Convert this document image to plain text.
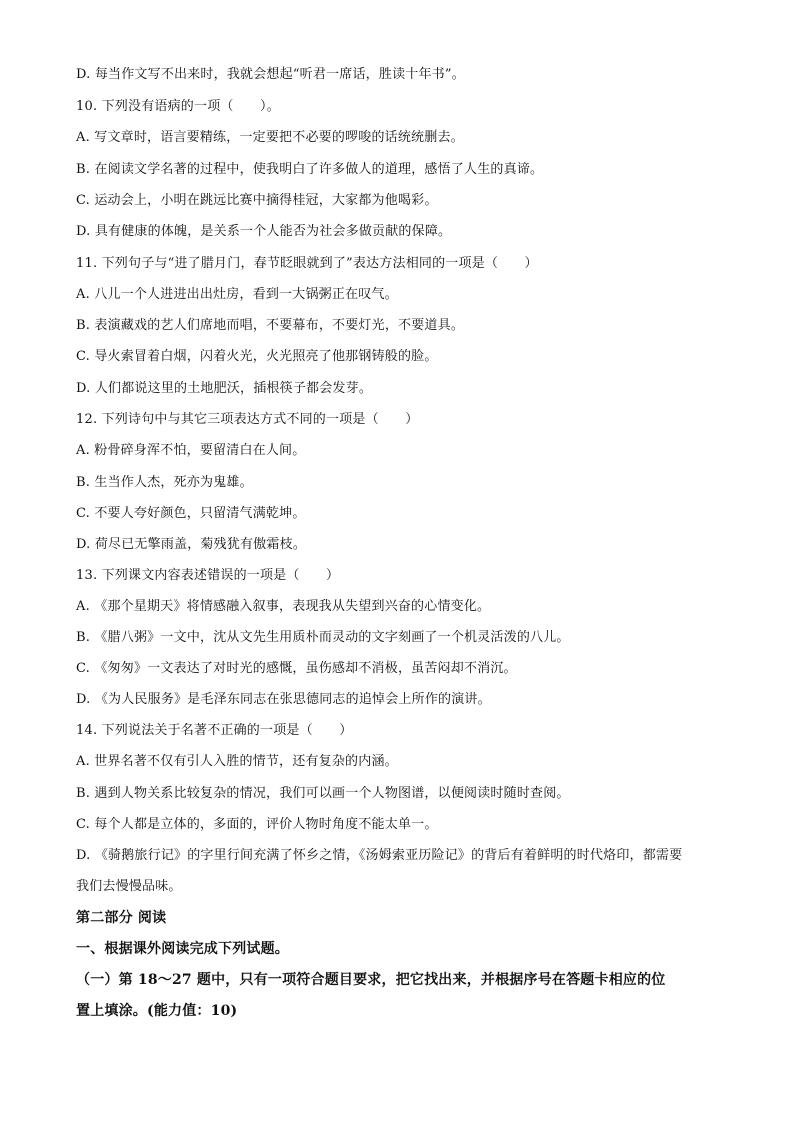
D. 每当作文写不出来时，我就会想起“听君一席话，胜读十年书”。
10. 下列没有语病的一项（　　）。
A. 写文章时，语言要精练，一定要把不必要的啰唆的话统统删去。
B. 在阅读文学名著的过程中，使我明白了许多做人的道理，感悟了人生的真谛。
C. 运动会上，小明在跳远比赛中摘得桂冠，大家都为他喝彩。
D. 具有健康的体魄，是关系一个人能否为社会多做贡献的保障。
11. 下列句子与“进了腊月门，春节眨眼就到了”表达方法相同的一项是（　　）
A. 八儿一个人进进出出灶房，看到一大锅粥正在叹气。
B. 表演藏戏的艺人们席地而唱，不要幕布，不要灯光，不要道具。
C. 导火索冒着白烟，闪着火光，火光照亮了他那钢铸般的脸。
D. 人们都说这里的土地肥沃，插根筷子都会发芽。
12. 下列诗句中与其它三项表达方式不同的一项是（　　）
A. 粉骨碎身浑不怕，要留清白在人间。
B. 生当作人杰，死亦为鬼雄。
C. 不要人夸好颜色，只留清气满乾坤。
D. 荷尽已无擎雨盖，菊残犹有傲霜枝。
13. 下列课文内容表述错误的一项是（　　）
A. 《那个星期天》将情感融入叙事，表现我从失望到兴奋的心情变化。
B. 《腊八粥》一文中，沈从文先生用质朴而灵动的文字刻画了一个机灵活泼的八儿。
C. 《匆匆》一文表达了对时光的感慨，虽伤感却不消极，虽苦闷却不消沉。
D. 《为人民服务》是毛泽东同志在张思德同志的追悼会上所作的演讲。
14. 下列说法关于名著不正确的一项是（　　）
A. 世界名著不仅有引人入胜的情节，还有复杂的内涵。
B. 遇到人物关系比较复杂的情况，我们可以画一个人物图谱，以便阅读时随时查阅。
C. 每个人都是立体的，多面的，评价人物时角度不能太单一。
D. 《骑鹅旅行记》的字里行间充满了怀乡之情，《汤姆索亚历险记》的背后有着鲜明的时代烙印，都需要
我们去慢慢品味。
第二部分 阅读
一、根据课外阅读完成下列试题。
（一）第 18～27 题中，只有一项符合题目要求，把它找出来，并根据序号在答题卡相应的位
置上填涂。(能力值：10)
